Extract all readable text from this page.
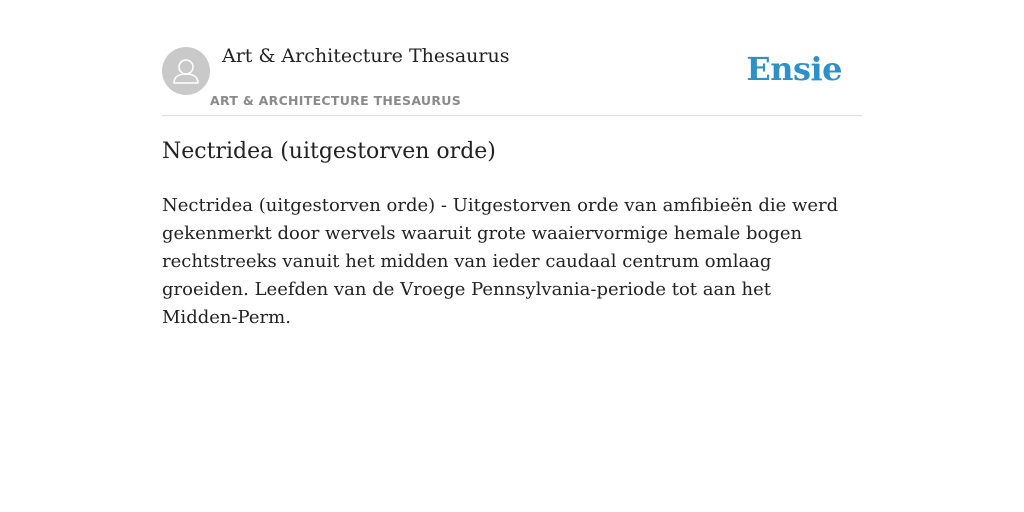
Art & Architecture Thesaurus
ART & ARCHITECTURE THESAURUS
Ensie
Nectridea (uitgestorven orde)

Nectridea (uitgestorven orde) - Uitgestorven orde van amfibieën die werd gekenmerkt door wervels waaruit grote waaiervormige hemale bogen rechtstreeks vanuit het midden van ieder caudaal centrum omlaag groeiden. Leefden van de Vroege Pennsylvania-periode tot aan het Midden-Perm.
